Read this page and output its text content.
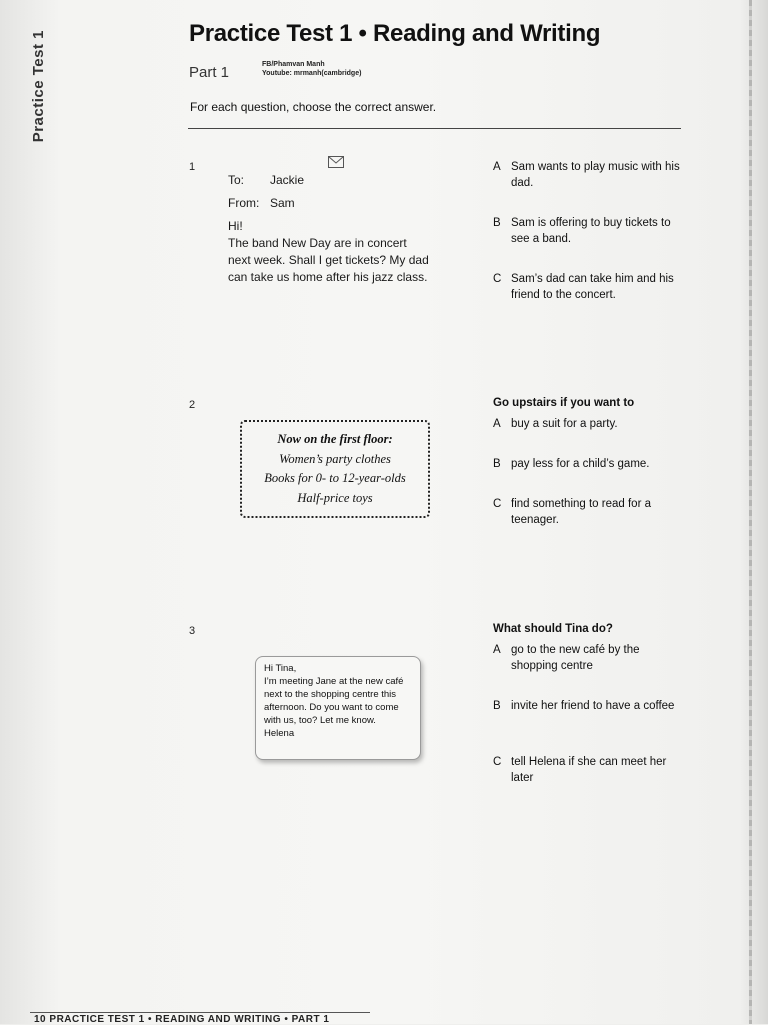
Practice Test 1	Practice Test 1 • Reading and Writing
Part 1	FB/Phamvan Manh
Youtube: mrmanh(cambridge)
For each question, choose the correct answer.
1
To:	Jackie
From: Sam
Hi!
The band New Day are in concert
next week. Shall I get tickets? My dad
can take us home after his jazz class.
A Sam wants to play music with his dad.
B Sam is offering to buy tickets to see a band.
C Sam’s dad can take him and his friend to the concert.
2
Now on the first floor:
Women’s party clothes
Books for 0- to 12-year-olds
Half-price toys
Go upstairs if you want to
A buy a suit for a party.
B pay less for a child’s game.
C find something to read for a teenager.
3
Hi Tina,
I’m meeting Jane at the new café
next to the shopping centre this
afternoon. Do you want to come
with us, too? Let me know.
Helena
What should Tina do?
A go to the new café by the shopping centre
B invite her friend to have a coffee
C tell Helena if she can meet her later
10 PRACTICE TEST 1 • READING AND WRITING • PART 1
